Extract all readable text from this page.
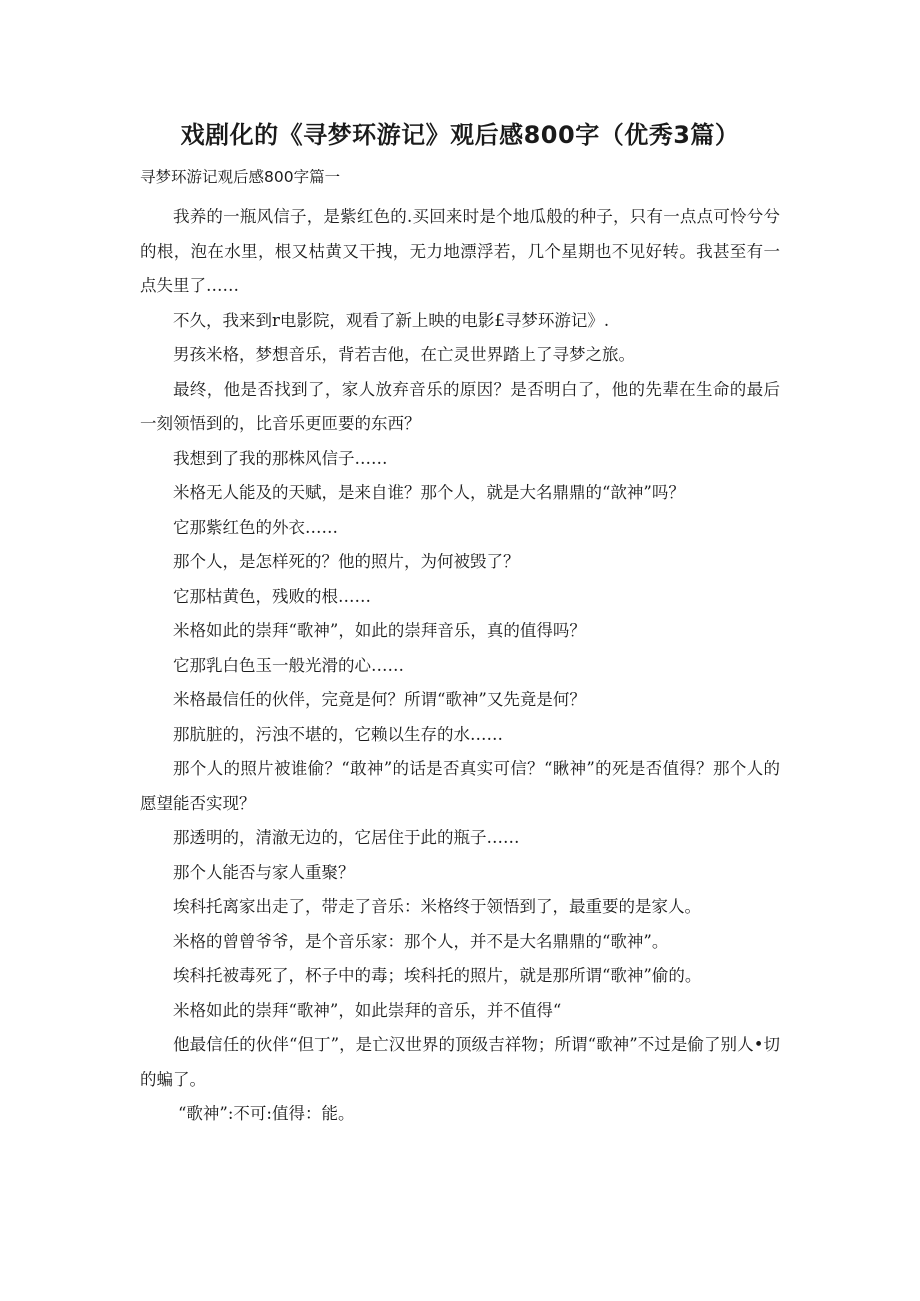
戏剧化的《寻梦环游记》观后感800字（优秀3篇）
寻梦环游记观后感800字篇一

我养的一瓶风信子，是紫红色的.买回来时是个地瓜般的种子，只有一点点可怜兮兮的根，泡在水里，根又枯黄又干拽，无力地漂浮若，几个星期也不见好转。我甚至有一点失里了……

不久，我来到r电影院，观看了新上映的电影£寻梦环游记》.

男孩米格，梦想音乐，背若吉他，在亡灵世界踏上了寻梦之旅。

最终，他是否找到了，家人放弃音乐的原因？是否明白了，他的先辈在生命的最后一刻领悟到的，比音乐更匝要的东西？

我想到了我的那株风信子……

米格无人能及的天赋，是来自谁？那个人，就是大名鼎鼎的“歆神”吗？

它那紫红色的外衣……

那个人，是怎样死的？他的照片，为何被毁了？

它那枯黄色，残败的根……

米格如此的崇拜“歌神”，如此的崇拜音乐，真的值得吗？

它那乳白色玉一般光滑的心……

米格最信任的伙伴，完竟是何？所谓“歌神”又先竟是何？

那肮脏的，污浊不堪的，它赖以生存的水……

那个人的照片被谁偷？“敢神”的话是否真实可信？“瞅神”的死是否值得？那个人的愿望能否实现？

那透明的，清澈无边的，它居住于此的瓶子……

那个人能否与家人重聚？

埃科托离家出走了，带走了音乐：米格终于领悟到了，最重要的是家人。

米格的曾曾爷爷，是个音乐家：那个人，并不是大名鼎鼎的“歌神”。

埃科托被毒死了，杯子中的毒；埃科托的照片，就是那所谓“歌神”偷的。

米格如此的崇拜“歌神”，如此崇拜的音乐，并不值得“

他最信任的伙伴“但丁”，是亡汉世界的顶级吉祥物；所谓“歌神”不过是偷了别人•切的蝙了。

“歌神”:不可:值得：能。
